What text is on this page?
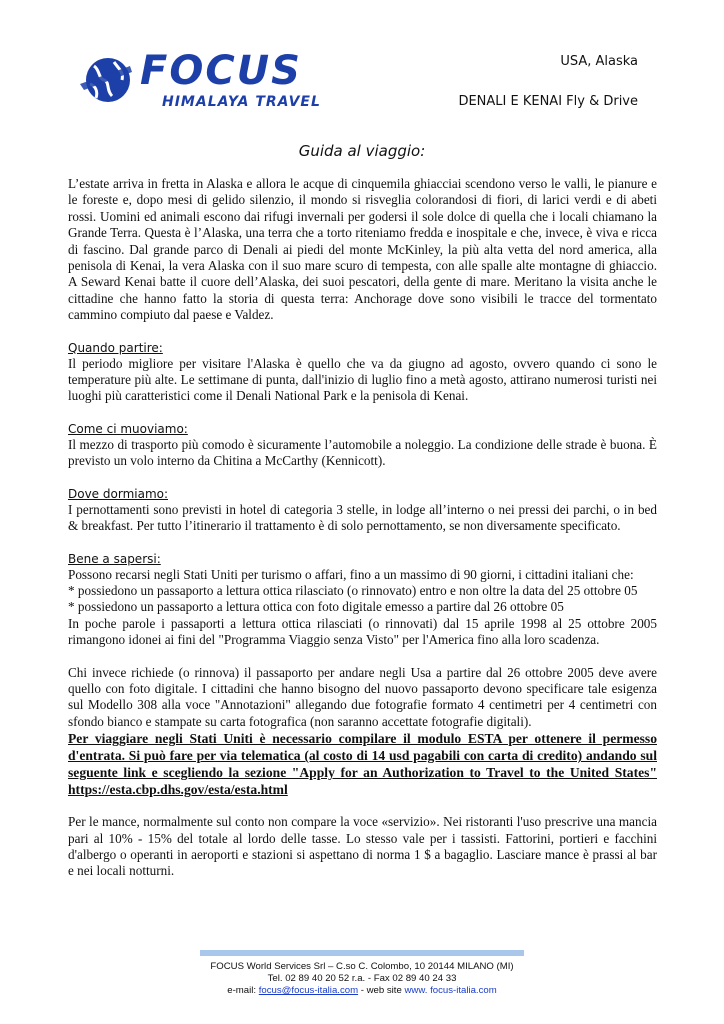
FOCUS
HIMALAYA TRAVEL
USA, Alaska
DENALI E KENAI Fly & Drive
Guida al viaggio:

L’estate arriva in fretta in Alaska e allora le acque di cinquemila ghiacciai scendono verso le valli, le pianure e le foreste e, dopo mesi di gelido silenzio, il mondo si risveglia colorandosi di fiori, di larici verdi e di abeti rossi. Uomini ed animali escono dai rifugi invernali per godersi il sole dolce di quella che i locali chiamano la Grande Terra. Questa è l’Alaska, una terra che a torto riteniamo fredda e inospitale e che, invece, è viva e ricca di fascino. Dal grande parco di Denali ai piedi del monte McKinley, la più alta vetta del nord america, alla penisola di Kenai, la vera Alaska con il suo mare scuro di tempesta, con alle spalle alte montagne di ghiaccio. A Seward Kenai batte il cuore dell’Alaska, dei suoi pescatori, della gente di mare. Meritano la visita anche le cittadine che hanno fatto la storia di questa terra: Anchorage dove sono visibili le tracce del tormentato cammino compiuto dal paese e Valdez.

Quando partire:

Il periodo migliore per visitare l'Alaska è quello che va da giugno ad agosto, ovvero quando ci sono le temperature più alte. Le settimane di punta, dall'inizio di luglio fino a metà agosto, attirano numerosi turisti nei luoghi più caratteristici come il Denali National Park e la penisola di Kenai.

Come ci muoviamo:

Il mezzo di trasporto più comodo è sicuramente l’automobile a noleggio. La condizione delle strade è buona. È previsto un volo interno da Chitina a McCarthy (Kennicott).

Dove dormiamo:

I pernottamenti sono previsti in hotel di categoria 3 stelle, in lodge all’interno o nei pressi dei parchi, o in bed & breakfast. Per tutto l’itinerario il trattamento è di solo pernottamento, se non diversamente specificato.

Bene a sapersi:

Possono recarsi negli Stati Uniti per turismo o affari, fino a un massimo di 90 giorni, i cittadini italiani che:

* possiedono un passaporto a lettura ottica rilasciato (o rinnovato) entro e non oltre la data del 25 ottobre 05

* possiedono un passaporto a lettura ottica con foto digitale emesso a partire dal 26 ottobre 05

In poche parole i passaporti a lettura ottica rilasciati (o rinnovati) dal 15 aprile 1998 al 25 ottobre 2005 rimangono idonei ai fini del "Programma Viaggio senza Visto" per l'America fino alla loro scadenza.

Chi invece richiede (o rinnova) il passaporto per andare negli Usa a partire dal 26 ottobre 2005 deve avere quello con foto digitale. I cittadini che hanno bisogno del nuovo passaporto devono specificare tale esigenza sul Modello 308 alla voce "Annotazioni" allegando due fotografie formato 4 centimetri per 4 centimetri con sfondo bianco e stampate su carta fotografica (non saranno accettate fotografie digitali).

Per viaggiare negli Stati Uniti è necessario compilare il modulo ESTA per ottenere il permesso d'entrata. Si può fare per via telematica (al costo di 14 usd pagabili con carta di credito) andando sul seguente link e scegliendo la sezione "Apply for an Authorization to Travel to the United States" https://esta.cbp.dhs.gov/esta/esta.html

Per le mance, normalmente sul conto non compare la voce «servizio». Nei ristoranti l'uso prescrive una mancia pari al 10% - 15% del totale al lordo delle tasse. Lo stesso vale per i tassisti. Fattorini, portieri e facchini d'albergo o operanti in aeroporti e stazioni si aspettano di norma 1 $ a bagaglio. Lasciare mance è prassi al bar e nei locali notturni.

FOCUS World Services Srl – C.so C. Colombo, 10 20144 MILANO (MI)
Tel. 02 89 40 20 52 r.a. - Fax 02 89 40 24 33
e-mail: focus@focus-italia.com - web site www. focus-italia.com
